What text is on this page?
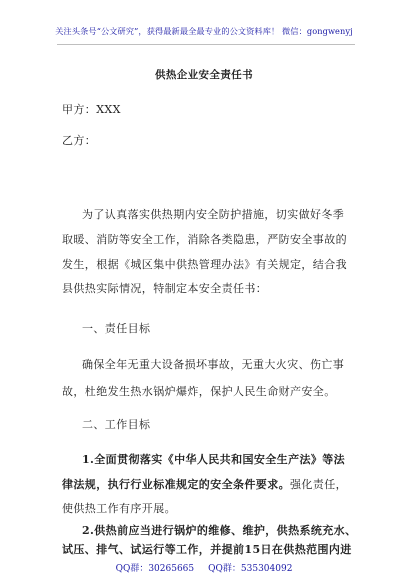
关注头条号“公文研究”，获得最新最全最专业的公文资料库！ 微信：gongwenyj
供热企业安全责任书
甲方：XXX
乙方：
为了认真落实供热期内安全防护措施，切实做好冬季
取暖、消防等安全工作，消除各类隐患，严防安全事故的
发生，根据《城区集中供热管理办法》有关规定，结合我
县供热实际情况，特制定本安全责任书：
一、责任目标
确保全年无重大设备损坏事故，无重大火灾、伤亡事
故，杜绝发生热水锅炉爆炸，保护人民生命财产安全。
二、工作目标
1.全面贯彻落实《中华人民共和国安全生产法》等法
律法规，执行行业标准规定的安全条件要求。强化责任，
使供热工作有序开展。
2.供热前应当进行锅炉的维修、维护，供热系统充水、
试压、排气、试运行等工作，并提前15日在供热范围内进
QQ群：30265665 QQ群：535304092
